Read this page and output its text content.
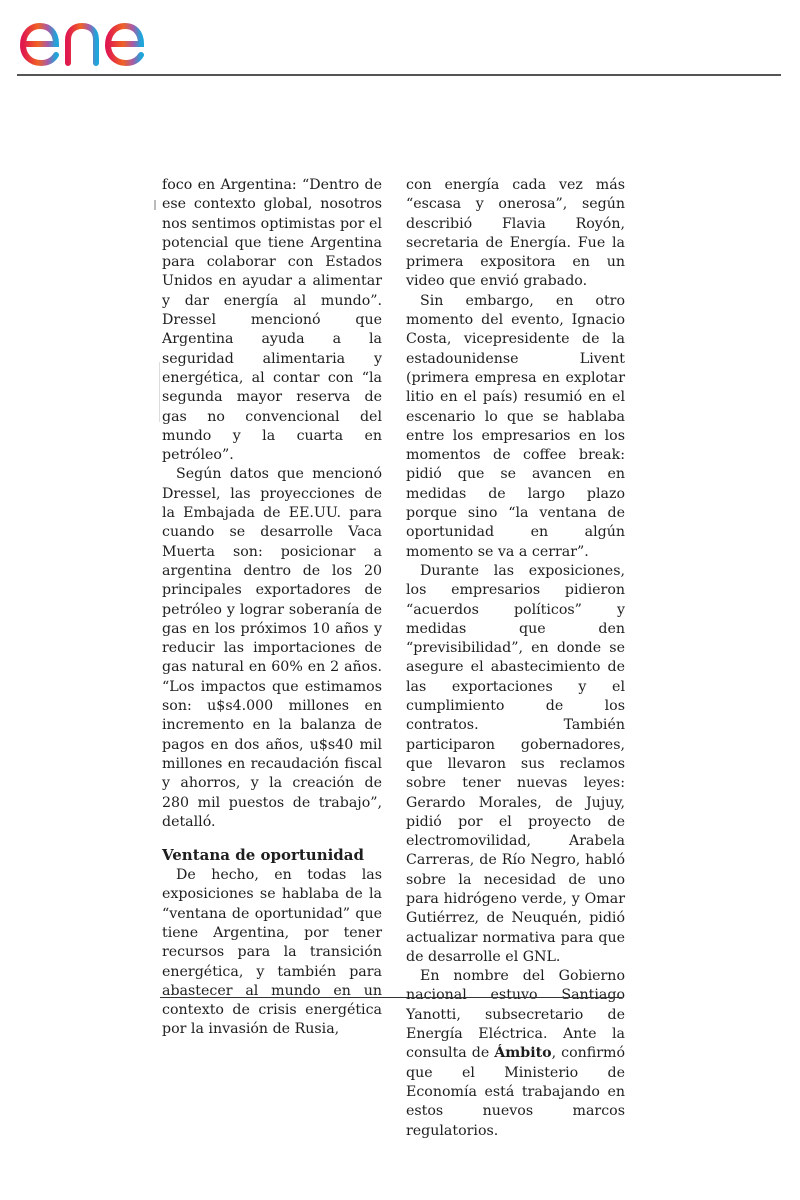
foco en Argentina: “Dentro de ese contexto global, nosotros nos sentimos optimistas por el potencial que tiene Argentina para colaborar con Estados Unidos en ayudar a alimentar y dar energía al mundo”. Dressel mencionó que Argentina ayuda a la seguridad alimentaria y energética, al contar con “la segunda mayor reserva de gas no convencional del mundo y la cuarta en petróleo”.

Según datos que mencionó Dressel, las proyecciones de la Embajada de EE.UU. para cuando se desarrolle Vaca Muerta son: posicionar a argentina dentro de los 20 principales exportadores de petróleo y lograr soberanía de gas en los próximos 10 años y reducir las importaciones de gas natural en 60% en 2 años. “Los impactos que estimamos son: u$s4.000 millones en incremento en la balanza de pagos en dos años, u$s40 mil millones en recaudación fiscal y ahorros, y la creación de 280 mil puestos de trabajo”, detalló.

Ventana de oportunidad

De hecho, en todas las exposiciones se hablaba de la “ventana de oportunidad” que tiene Argentina, por tener recursos para la transición energética, y también para abastecer al mundo en un contexto de crisis energética por la invasión de Rusia,

con energía cada vez más “escasa y onerosa”, según describió Flavia Royón, secretaria de Energía. Fue la primera expositora en un video que envió grabado.

Sin embargo, en otro momento del evento, Ignacio Costa, vicepresidente de la estadounidense Livent (primera empresa en explotar litio en el país) resumió en el escenario lo que se hablaba entre los empresarios en los momentos de coffee break: pidió que se avancen en medidas de largo plazo porque sino “la ventana de oportunidad en algún momento se va a cerrar”.

Durante las exposiciones, los empresarios pidieron “acuerdos políticos” y medidas que den “previsibilidad”, en donde se asegure el abastecimiento de las exportaciones y el cumplimiento de los contratos. También participaron gobernadores, que llevaron sus reclamos sobre tener nuevas leyes: Gerardo Morales, de Jujuy, pidió por el proyecto de electromovilidad, Arabela Carreras, de Río Negro, habló sobre la necesidad de uno para hidrógeno verde, y Omar Gutiérrez, de Neuquén, pidió actualizar normativa para que de desarrolle el GNL.

En nombre del Gobierno nacional estuvo Santiago Yanotti, subsecretario de Energía Eléctrica. Ante la consulta de Ámbito, confirmó que el Ministerio de Economía está trabajando en estos nuevos marcos regulatorios.
